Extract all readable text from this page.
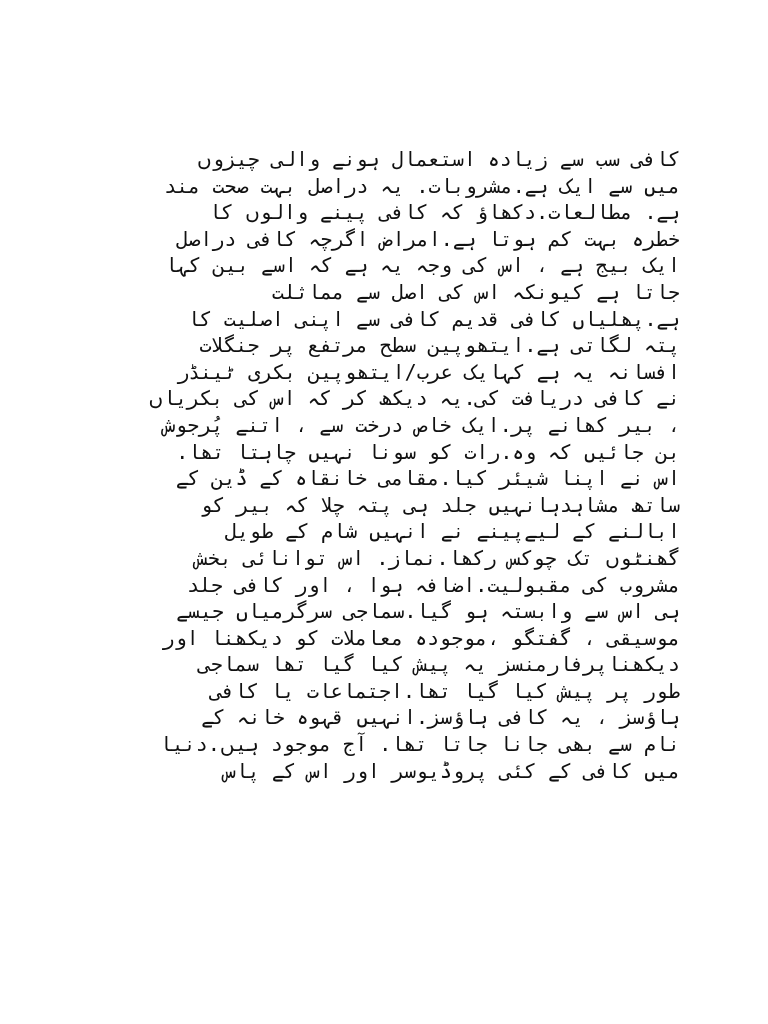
کافی سب سے زیادہ استعمال ہونے والی چیزوں
میں سے ایک ہے.مشروبات. یہ دراصل بہت صحت مند
ہے. مطالعات.دکھاؤ کہ کافی پینے والوں کا
خطرہ بہت کم ہوتا ہے.امراض اگرچہ کافی دراصل
ایک بیج ہے ، اس کی وجہ یہ ہے کہ اسے بین کہا
جاتا ہے کیونکہ اس کی اصل سے مماثلت
ہے.پھلیاں کافی قدیم کافی سے اپنی اصلیت کا
پتہ لگاتی ہے.ایتھوپین سطح مرتفع پر جنگلات
افسانہ یہ ہے کہایک عرب/ایتھوپین بکری ٹینڈر
نے کافی دریافت کی.یہ دیکھ کر کہ اس کی بکریاں
، بیر کھانے پر.ایک خاص درخت سے ، اتنے پُرجوش
بن جائیں کہ وہ.رات کو سونا نہیں چاہتا تھا.
اس نے اپنا شیئر کیا.مقامی خانقاہ کے ڈین کے
ساتھ مشاہدہانہیں جلد ہی پتہ چلا کہ بیر کو
ابالنے کے لیےپینے نے انہیں شام کے طویل
گھنٹوں تک چوکس رکھا.نماز. اس توانائی بخش
مشروب کی مقبولیت.اضافہ ہوا ، اور کافی جلد
ہی اس سے وابستہ ہو گیا.سماجی سرگرمیاں جیسے
موسیقی ، گفتگو ،موجودہ معاملات کو دیکھنا اور
دیکھناپرفارمنسز یہ پیش کیا گیا تھا سماجی
طور پر پیش کیا گیا تھا.اجتماعات یا کافی
ہاؤسز ، یہ کافی ہاؤسز.انہیں قہوہ خانہ کے
نام سے بھی جانا جاتا تھا. آج موجود ہیں.دنیا
میں کافی کے کئی پروڈیوسر اور اس کے پاس
